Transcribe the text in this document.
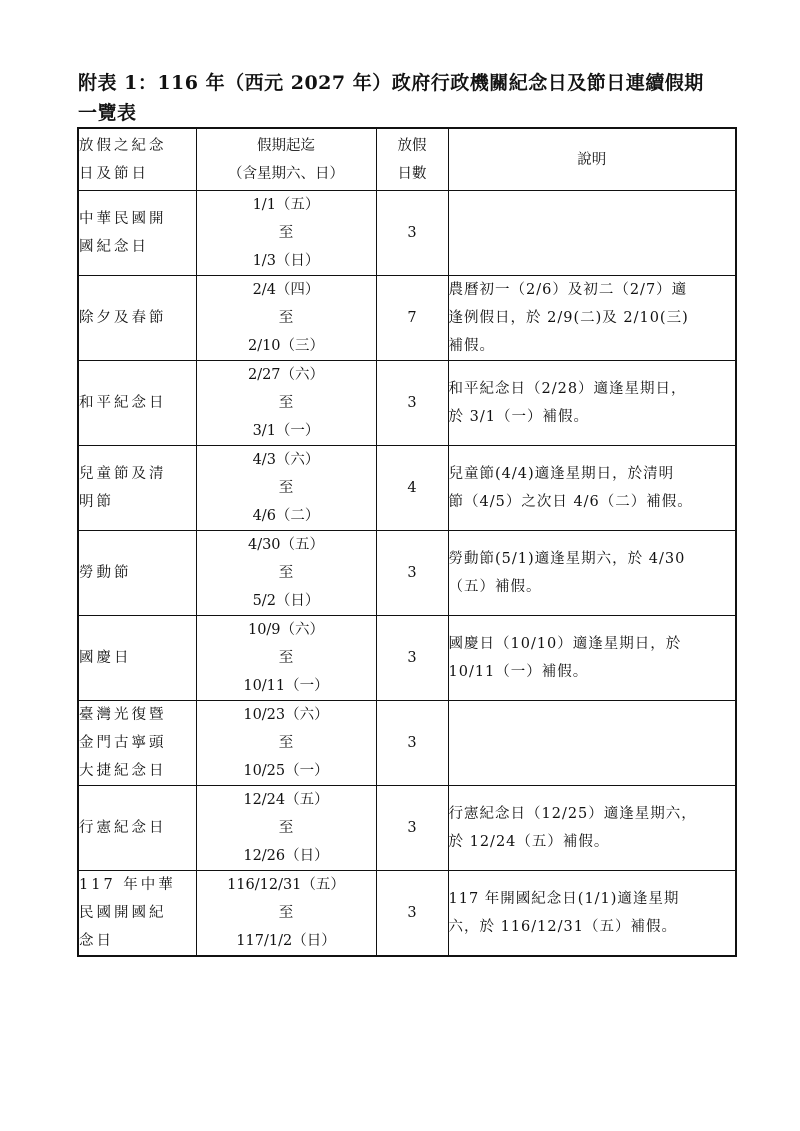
附表 1：116 年（西元 2027 年）政府行政機關紀念日及節日連續假期
一覽表
放假之紀念
日及節日	假期起迄
（含星期六、日）	放假
日數	說明

中華民國開
國紀念日	1/1（五）
至
1/3（日）	3	

除夕及春節	2/4（四）
至
2/10（三）	7	農曆初一（2/6）及初二（2/7）適
逢例假日，於 2/9(二)及 2/10(三)
補假。

和平紀念日	2/27（六）
至
3/1（一）	3	和平紀念日（2/28）適逢星期日，
於 3/1（一）補假。

兒童節及清
明節	4/3（六）
至
4/6（二）	4	兒童節(4/4)適逢星期日，於清明
節（4/5）之次日 4/6（二）補假。

勞動節	4/30（五）
至
5/2（日）	3	勞動節(5/1)適逢星期六，於 4/30
（五）補假。

國慶日	10/9（六）
至
10/11（一）	3	國慶日（10/10）適逢星期日，於
10/11（一）補假。

臺灣光復暨
金門古寧頭
大捷紀念日	10/23（六）
至
10/25（一）	3	

行憲紀念日	12/24（五）
至
12/26（日）	3	行憲紀念日（12/25）適逢星期六，
於 12/24（五）補假。

117 年中華
民國開國紀
念日	116/12/31（五）
至
117/1/2（日）	3	117 年開國紀念日(1/1)適逢星期
六，於 116/12/31（五）補假。
